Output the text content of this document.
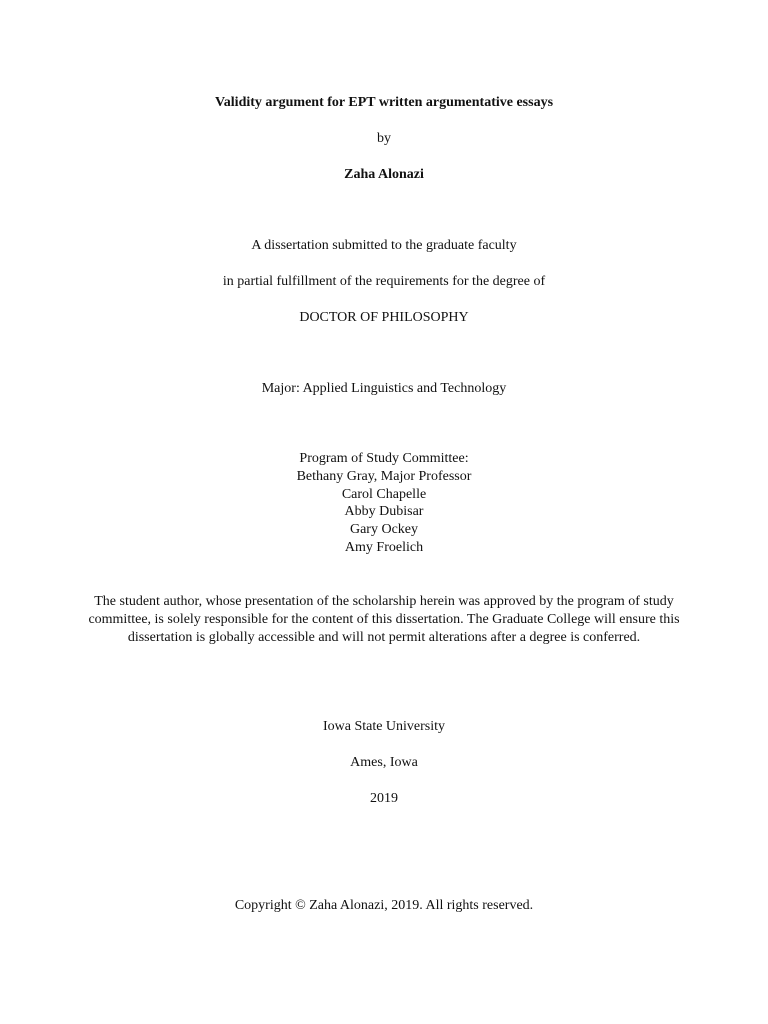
Validity argument for EPT written argumentative essays
by
Zaha Alonazi
A dissertation submitted to the graduate faculty
in partial fulfillment of the requirements for the degree of
DOCTOR OF PHILOSOPHY
Major: Applied Linguistics and Technology
Program of Study Committee:
Bethany Gray, Major Professor
Carol Chapelle
Abby Dubisar
Gary Ockey
Amy Froelich
The student author, whose presentation of the scholarship herein was approved by the program of study committee, is solely responsible for the content of this dissertation. The Graduate College will ensure this dissertation is globally accessible and will not permit alterations after a degree is conferred.
Iowa State University
Ames, Iowa
2019
Copyright © Zaha Alonazi, 2019. All rights reserved.
